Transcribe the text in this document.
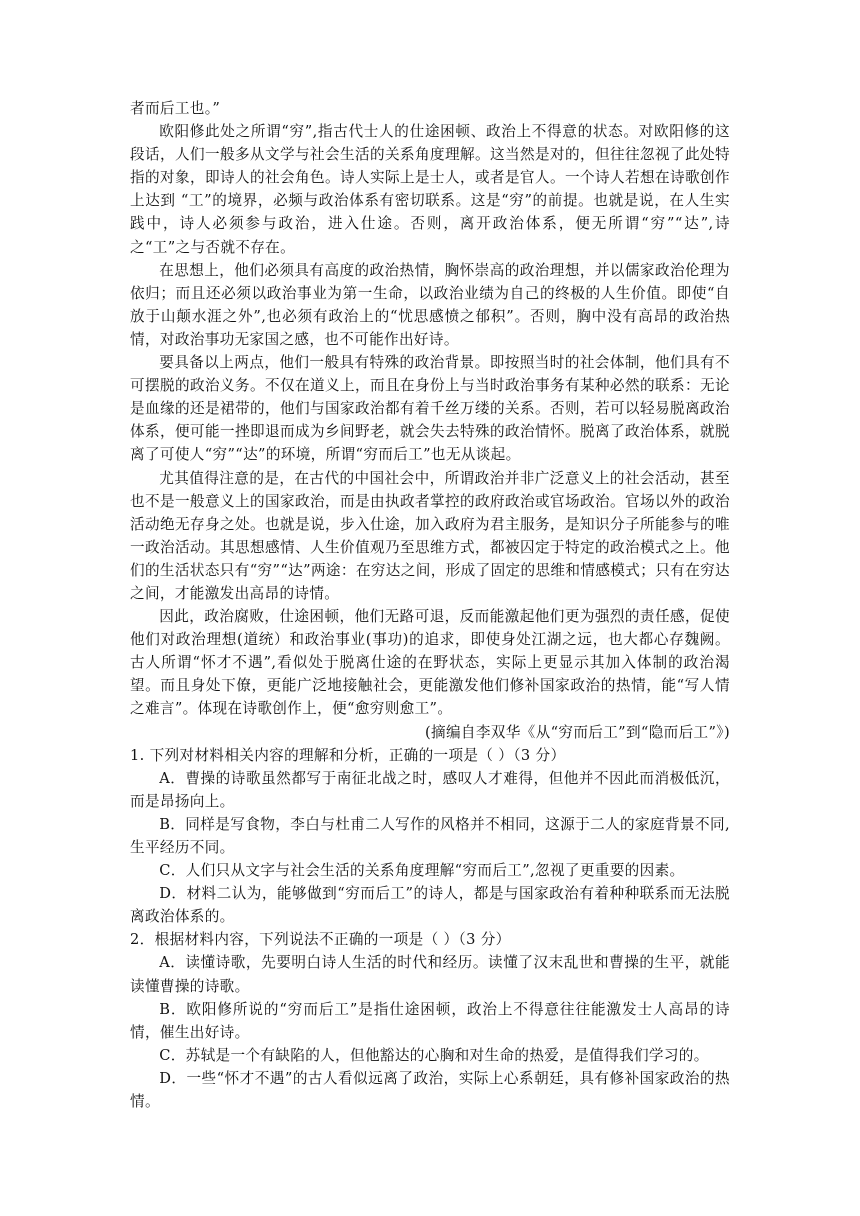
者而后工也。”

欧阳修此处之所谓“穷”,指古代士人的仕途困顿、政治上不得意的状态。对欧阳修的这段话，人们一般多从文学与社会生活的关系角度理解。这当然是对的，但往往忽视了此处特指的对象，即诗人的社会角色。诗人实际上是士人，或者是官人。一个诗人若想在诗歌创作上达到 “工”的境界，必频与政治体系有密切联系。这是“穷”的前提。也就是说，在人生实践中，诗人必须参与政治，进入仕途。否则，离开政治体系，便无所谓“穷”“达”,诗之“工”之与否就不存在。

在思想上，他们必须具有高度的政治热情，胸怀崇高的政治理想，并以儒家政治伦理为依归；而且还必须以政治事业为第一生命，以政治业绩为自己的终极的人生价值。即使“自放于山颠水涯之外”,也必须有政治上的“忧思感愤之郁积”。否则，胸中没有高昂的政治热情，对政治事功无家国之感，也不可能作出好诗。

要具备以上两点，他们一般具有特殊的政治背景。即按照当时的社会体制，他们具有不可摆脱的政治义务。不仅在道义上，而且在身份上与当时政治事务有某种必然的联系：无论是血缘的还是裙带的，他们与国家政治都有着千丝万缕的关系。否则，若可以轻易脱离政治体系，便可能一挫即退而成为乡间野老，就会失去特殊的政治情怀。脱离了政治体系，就脱离了可使人“穷”“达”的环境，所谓“穷而后工”也无从谈起。

尤其值得注意的是，在古代的中国社会中，所谓政治并非广泛意义上的社会活动，甚至也不是一般意义上的国家政治，而是由执政者掌控的政府政治或官场政治。官场以外的政治活动绝无存身之处。也就是说，步入仕途，加入政府为君主服务，是知识分子所能参与的唯一政治活动。其思想感情、人生价值观乃至思维方式，都被囚定于特定的政治模式之上。他们的生活状态只有“穷”“达”两途：在穷达之间，形成了固定的思维和情感模式；只有在穷达之间，才能激发出高昂的诗情。

因此，政治腐败，仕途困顿，他们无路可退，反而能激起他们更为强烈的责任感，促使他们对政治理想(道统）和政治事业(事功)的追求，即使身处江湖之远，也大都心存魏阙。古人所谓“怀才不遇”,看似处于脱离仕途的在野状态，实际上更显示其加入体制的政治渴望。而且身处下僚，更能广泛地接触社会，更能激发他们修补国家政治的热情，能“写人情之难言”。体现在诗歌创作上，便“愈穷则愈工”。

(摘编自李双华《从“穷而后工”到“隐而后工”》)

1. 下列对材料相关内容的理解和分析，正确的一项是（ ）（3 分）

A．曹操的诗歌虽然都写于南征北战之时，感叹人才难得，但他并不因此而消极低沉，而是昂扬向上。

B．同样是写食物，李白与杜甫二人写作的风格并不相同，这源于二人的家庭背景不同,生平经历不同。

C．人们只从文字与社会生活的关系角度理解“穷而后工”,忽视了更重要的因素。

D．材料二认为，能够做到“穷而后工”的诗人，都是与国家政治有着种种联系而无法脱离政治体系的。

2．根据材料内容，下列说法不正确的一项是（ ）（3 分）

A．读懂诗歌，先要明白诗人生活的时代和经历。读懂了汉末乱世和曹操的生平，就能读懂曹操的诗歌。

B．欧阳修所说的“穷而后工”是指仕途困顿，政治上不得意往往能激发士人高昂的诗情，催生出好诗。

C．苏轼是一个有缺陷的人，但他豁达的心胸和对生命的热爱，是值得我们学习的。

D．一些“怀才不遇”的古人看似远离了政治，实际上心系朝廷，具有修补国家政治的热情。
